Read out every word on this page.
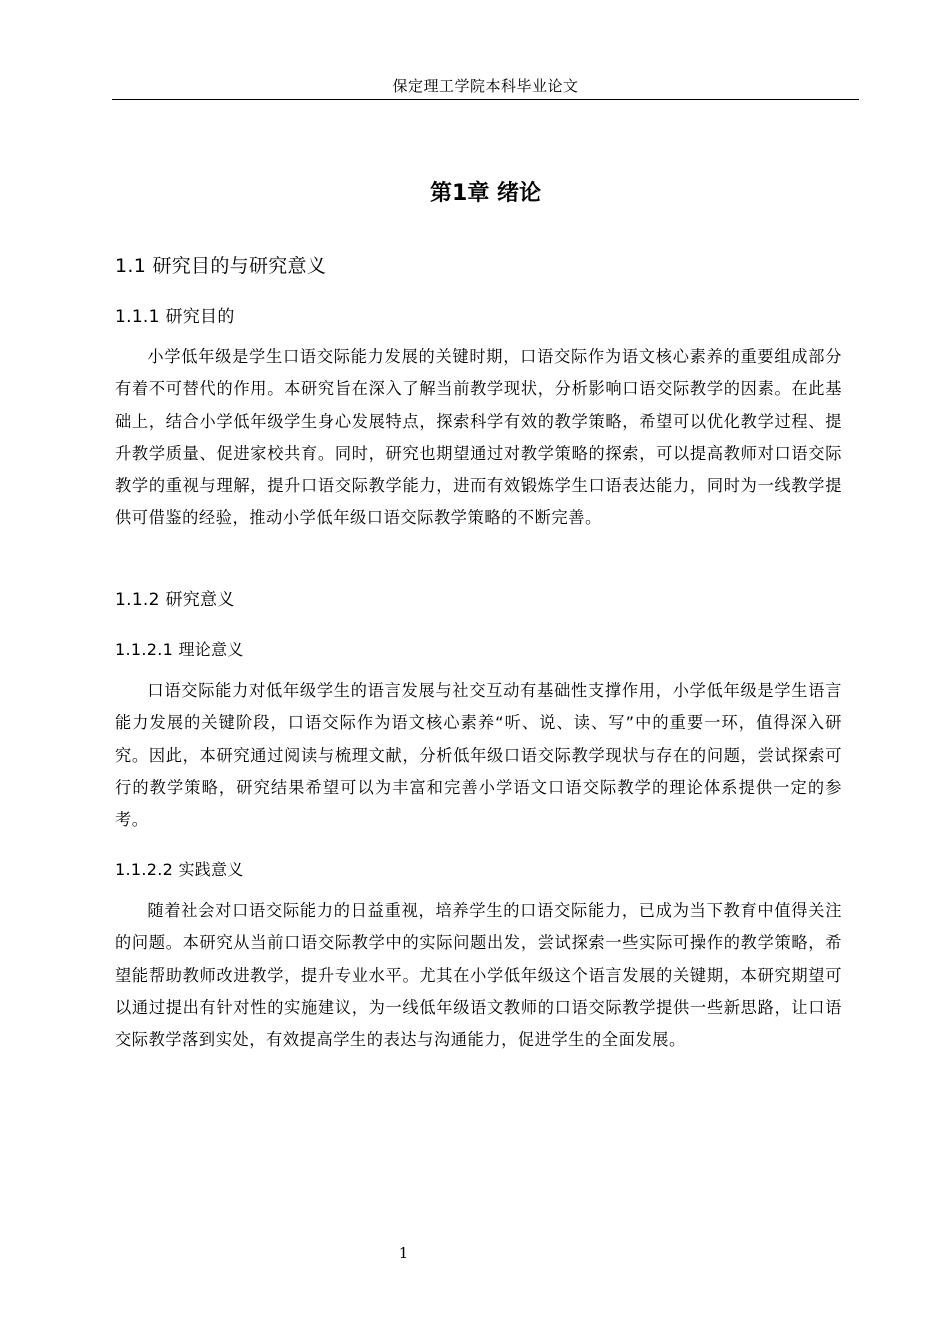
保定理工学院本科毕业论文
第1章 绪论
1.1 研究目的与研究意义
1.1.1 研究目的

小学低年级是学生口语交际能力发展的关键时期，口语交际作为语文核心素养的重要组成部分有着不可替代的作用。本研究旨在深入了解当前教学现状，分析影响口语交际教学的因素。在此基础上，结合小学低年级学生身心发展特点，探索科学有效的教学策略，希望可以优化教学过程、提升教学质量、促进家校共育。同时，研究也期望通过对教学策略的探索，可以提高教师对口语交际教学的重视与理解，提升口语交际教学能力，进而有效锻炼学生口语表达能力，同时为一线教学提供可借鉴的经验，推动小学低年级口语交际教学策略的不断完善。

1.1.2 研究意义
1.1.2.1 理论意义

口语交际能力对低年级学生的语言发展与社交互动有基础性支撑作用，小学低年级是学生语言能力发展的关键阶段，口语交际作为语文核心素养“听、说、读、写”中的重要一环，值得深入研究。因此，本研究通过阅读与梳理文献，分析低年级口语交际教学现状与存在的问题，尝试探索可行的教学策略，研究结果希望可以为丰富和完善小学语文口语交际教学的理论体系提供一定的参考。

1.1.2.2 实践意义

随着社会对口语交际能力的日益重视，培养学生的口语交际能力，已成为当下教育中值得关注的问题。本研究从当前口语交际教学中的实际问题出发，尝试探索一些实际可操作的教学策略，希望能帮助教师改进教学，提升专业水平。尤其在小学低年级这个语言发展的关键期，本研究期望可以通过提出有针对性的实施建议，为一线低年级语文教师的口语交际教学提供一些新思路，让口语交际教学落到实处，有效提高学生的表达与沟通能力，促进学生的全面发展。

1
